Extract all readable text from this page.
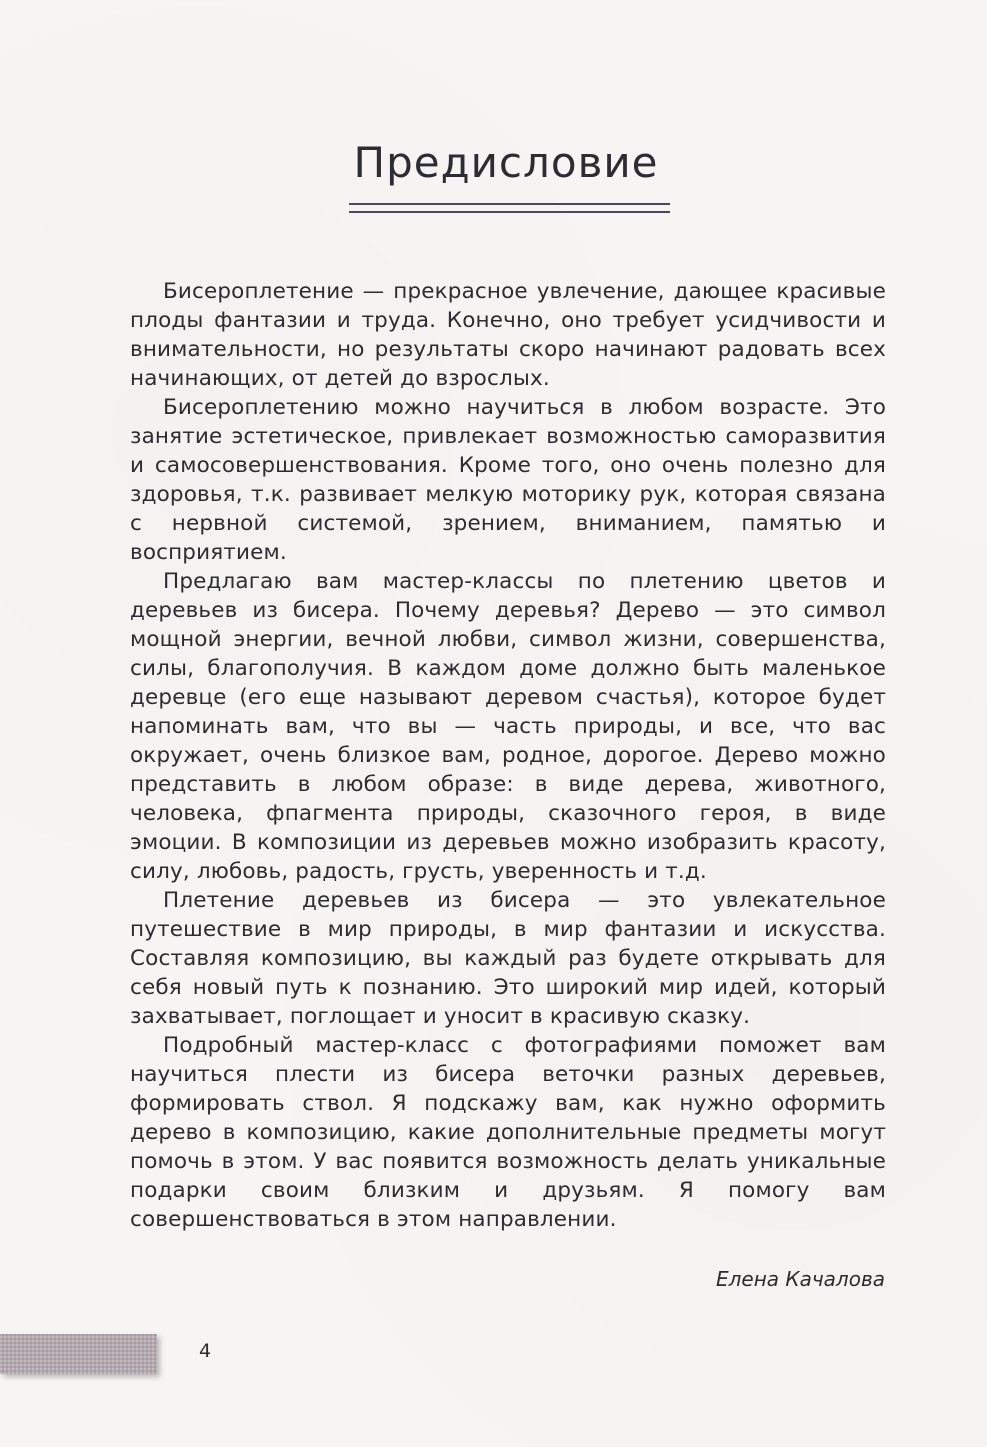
Предисловие

Бисероплетение — прекрасное увлечение, дающее красивые плоды фантазии и труда. Конечно, оно требует усидчивости и внимательности, но результаты скоро начинают радовать всех начинающих, от детей до взрослых.

Бисероплетению можно научиться в любом возрасте. Это занятие эстетическое, привлекает возможностью саморазвития и самосовершенствования. Кроме того, оно очень полезно для здоровья, т.к. развивает мелкую моторику рук, которая связана с нервной системой, зрением, вниманием, памятью и восприятием.

Предлагаю вам мастер-классы по плетению цветов и деревьев из бисера. Почему деревья? Дерево — это символ мощной энергии, вечной любви, символ жизни, совершенства, силы, благополучия. В каждом доме должно быть маленькое деревце (его еще называют деревом счастья), которое будет напоминать вам, что вы — часть природы, и все, что вас окружает, очень близкое вам, родное, дорогое. Дерево можно представить в любом образе: в виде дерева, животного, человека, фпагмента природы, сказочного героя, в виде эмоции. В композиции из деревьев можно изобразить красоту, силу, любовь, радость, грусть, уверенность и т.д.

Плетение деревьев из бисера — это увлекательное путешествие в мир природы, в мир фантазии и искусства. Составляя композицию, вы каждый раз будете открывать для себя новый путь к познанию. Это широкий мир идей, который захватывает, поглощает и уносит в красивую сказку.

Подробный мастер-класс с фотографиями поможет вам научиться плести из бисера веточки разных деревьев, формировать ствол. Я подскажу вам, как нужно оформить дерево в композицию, какие дополнительные предметы могут помочь в этом. У вас появится возможность делать уникальные подарки своим близким и друзьям. Я помогу вам совершенствоваться в этом направлении.

Елена Качалова
4
